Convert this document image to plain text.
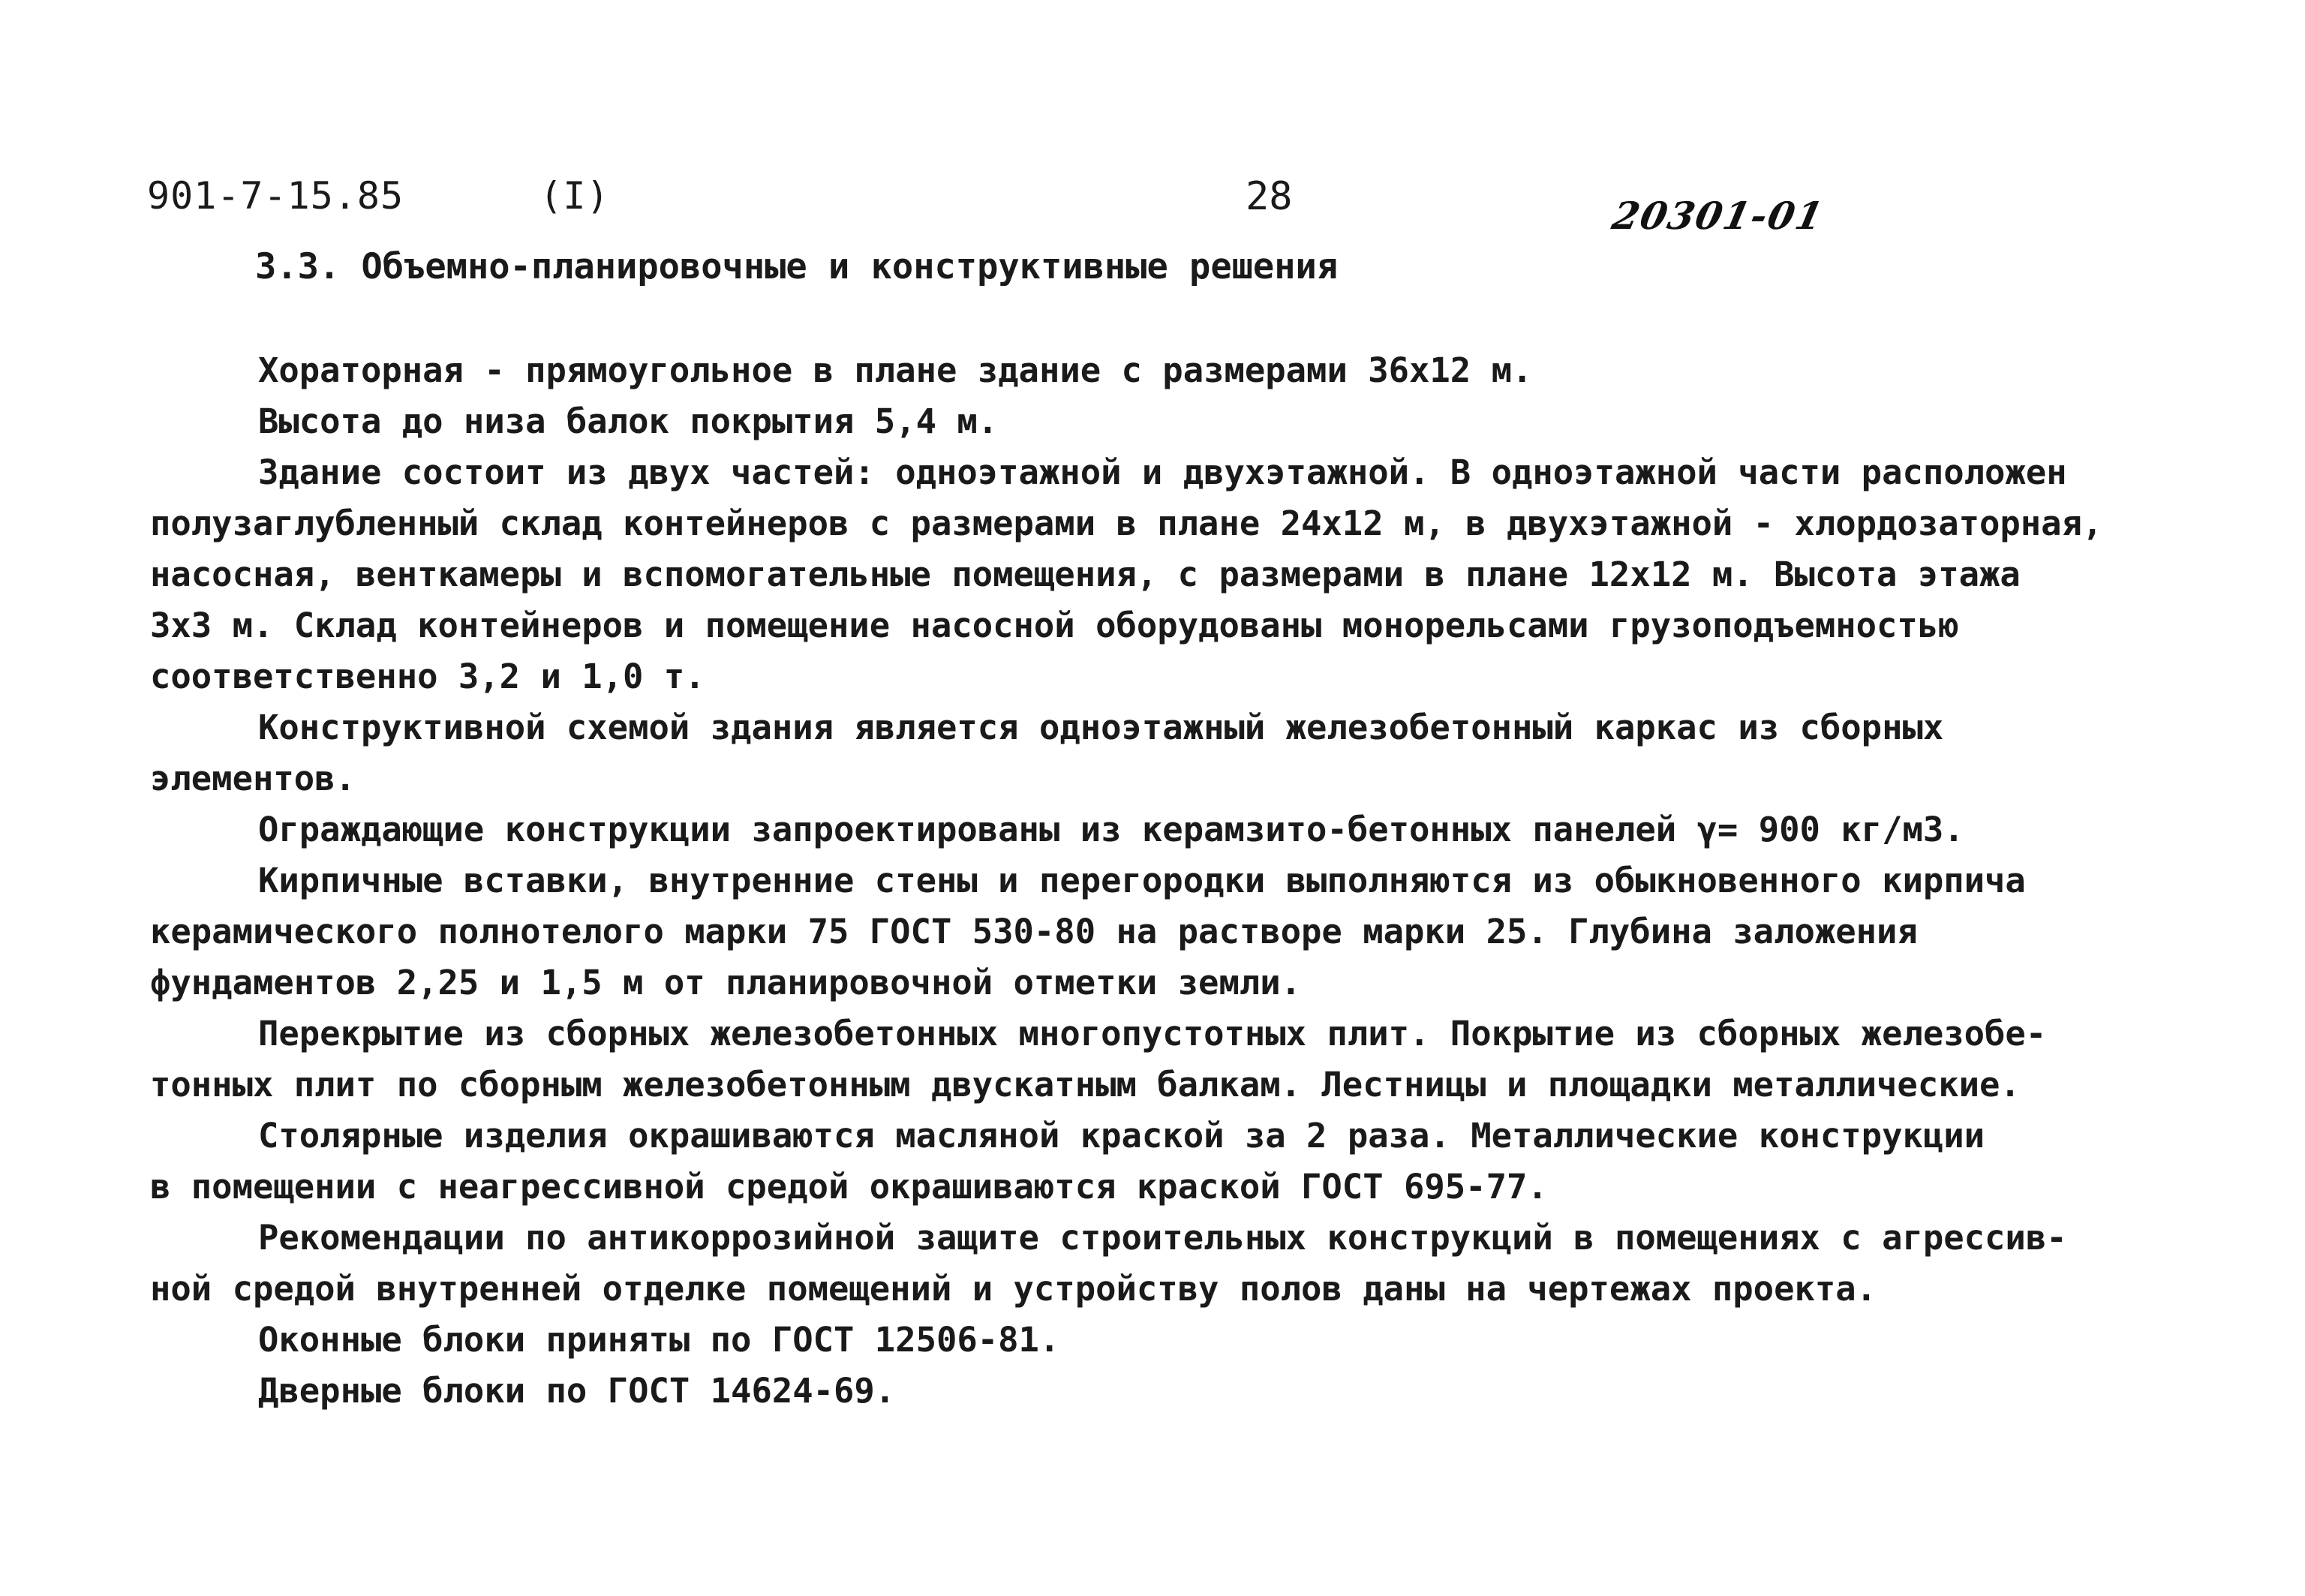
901-7-15.85	(I)	28	20301-01
3.3. Объемно-планировочные и конструктивные решения
Хораторная - прямоугольное в плане здание с размерами 36х12 м.
Высота до низа балок покрытия 5,4 м.
Здание состоит из двух частей: одноэтажной и двухэтажной. В одноэтажной части расположен
полузаглубленный склад контейнеров с размерами в плане 24х12 м, в двухэтажной - хлордозаторная,
насосная, венткамеры и вспомогательные помещения, с размерами в плане 12х12 м. Высота этажа
3х3 м. Склад контейнеров и помещение насосной оборудованы монорельсами грузоподъемностью
соответственно 3,2 и 1,0 т.
Конструктивной схемой здания является одноэтажный железобетонный каркас из сборных
элементов.
Ограждающие конструкции запроектированы из керамзито-бетонных панелей γ= 900 кг/м3.
Кирпичные вставки, внутренние стены и перегородки выполняются из обыкновенного кирпича
керамического полнотелого марки 75 ГОСТ 530-80 на растворе марки 25. Глубина заложения
фундаментов 2,25 и 1,5 м от планировочной отметки земли.
Перекрытие из сборных железобетонных многопустотных плит. Покрытие из сборных железобе-
тонных плит по сборным железобетонным двускатным балкам. Лестницы и площадки металлические.
Столярные изделия окрашиваются масляной краской за 2 раза. Металлические конструкции
в помещении с неагрессивной средой окрашиваются краской ГОСТ 695-77.
Рекомендации по антикоррозийной защите строительных конструкций в помещениях с агрессив-
ной средой внутренней отделке помещений и устройству полов даны на чертежах проекта.
Оконные блоки приняты по ГОСТ 12506-81.
Дверные блоки по ГОСТ 14624-69.
